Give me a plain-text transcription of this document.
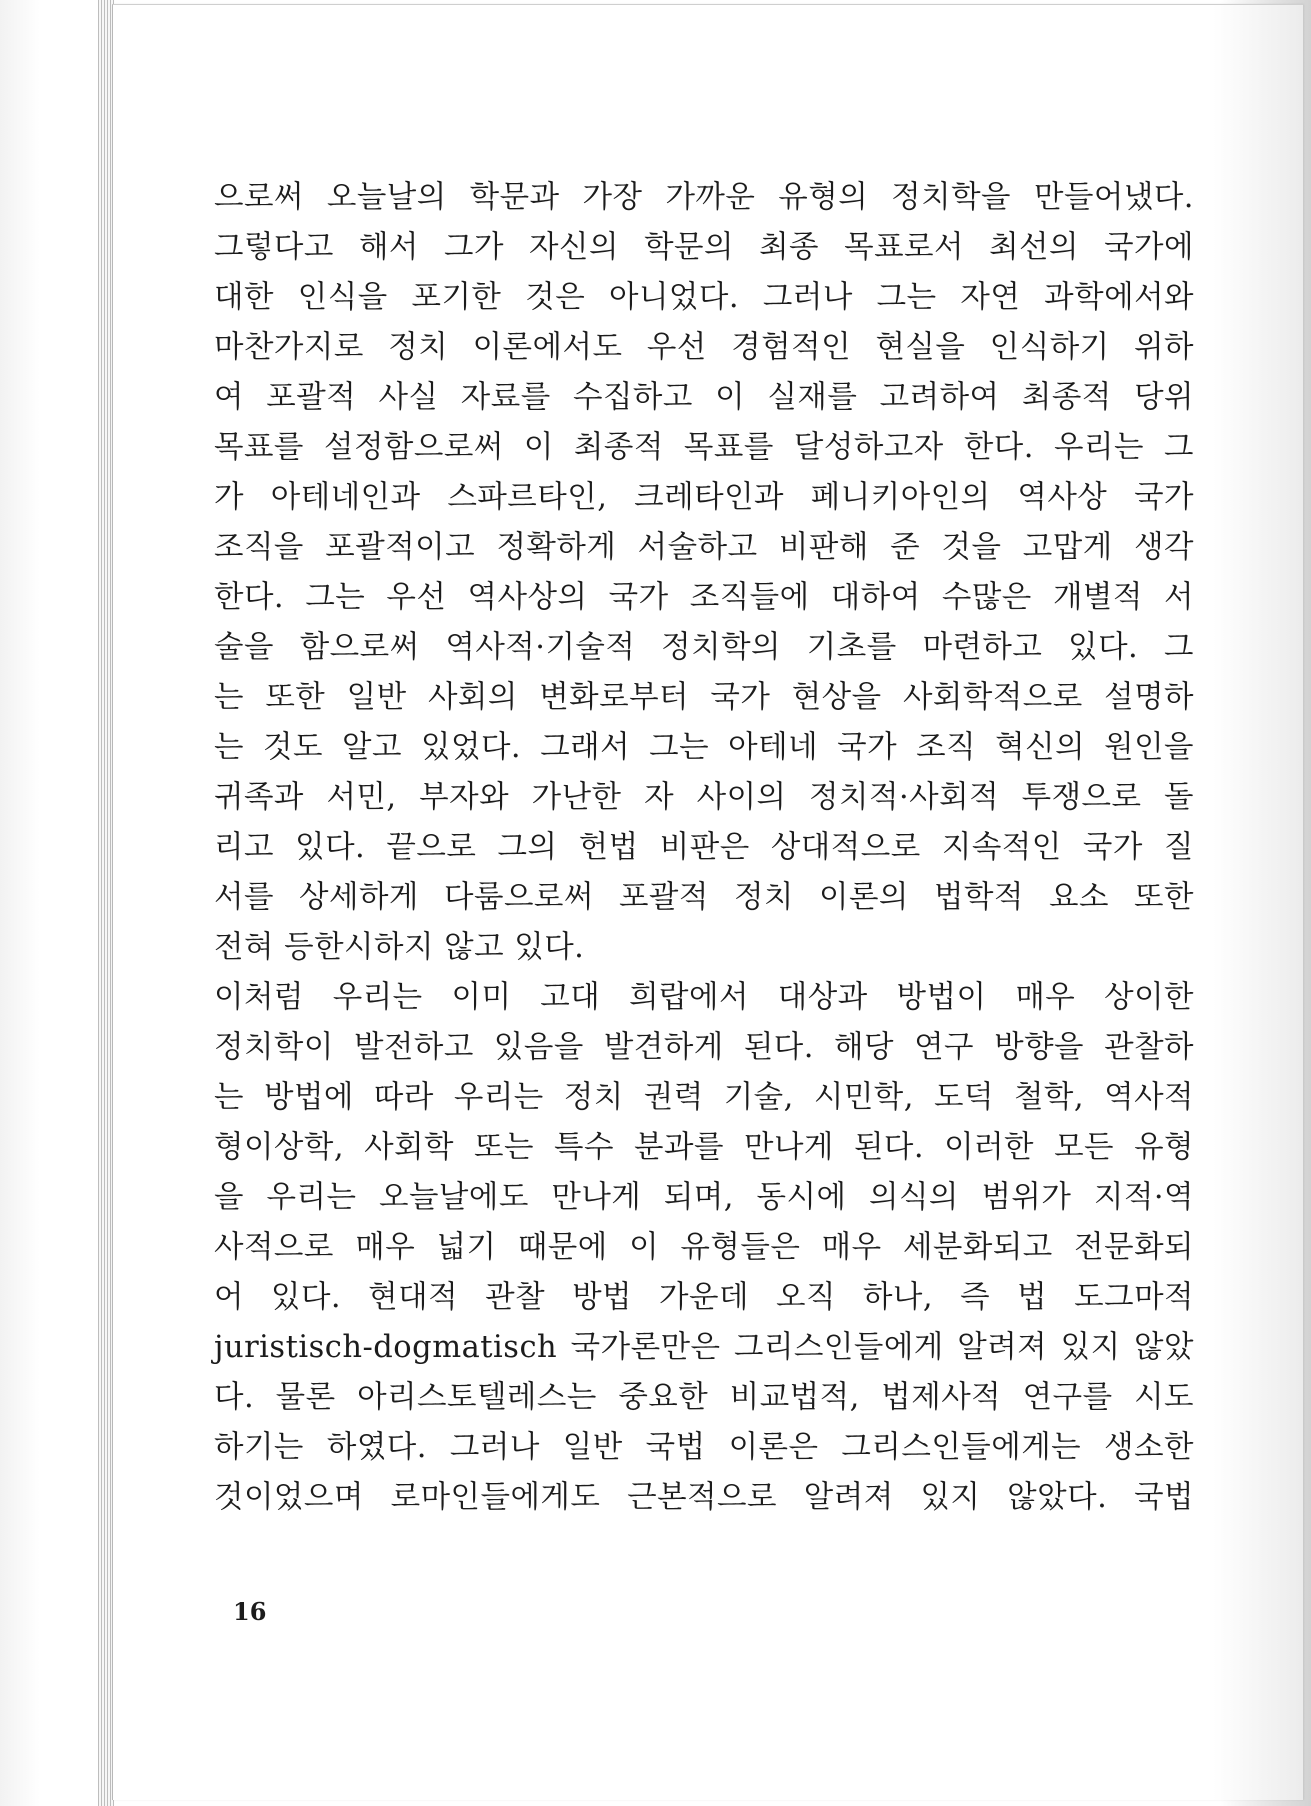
으로써 오늘날의 학문과 가장 가까운 유형의 정치학을 만들어냈다.
그렇다고 해서 그가 자신의 학문의 최종 목표로서 최선의 국가에
대한 인식을 포기한 것은 아니었다. 그러나 그는 자연 과학에서와
마찬가지로 정치 이론에서도 우선 경험적인 현실을 인식하기 위하
여 포괄적 사실 자료를 수집하고 이 실재를 고려하여 최종적 당위
목표를 설정함으로써 이 최종적 목표를 달성하고자 한다. 우리는 그
가 아테네인과 스파르타인, 크레타인과 페니키아인의 역사상 국가
조직을 포괄적이고 정확하게 서술하고 비판해 준 것을 고맙게 생각
한다. 그는 우선 역사상의 국가 조직들에 대하여 수많은 개별적 서
술을 함으로써 역사적·기술적 정치학의 기초를 마련하고 있다. 그
는 또한 일반 사회의 변화로부터 국가 현상을 사회학적으로 설명하
는 것도 알고 있었다. 그래서 그는 아테네 국가 조직 혁신의 원인을
귀족과 서민, 부자와 가난한 자 사이의 정치적·사회적 투쟁으로 돌
리고 있다. 끝으로 그의 헌법 비판은 상대적으로 지속적인 국가 질
서를 상세하게 다룸으로써 포괄적 정치 이론의 법학적 요소 또한
전혀 등한시하지 않고 있다.
이처럼 우리는 이미 고대 희랍에서 대상과 방법이 매우 상이한
정치학이 발전하고 있음을 발견하게 된다. 해당 연구 방향을 관찰하
는 방법에 따라 우리는 정치 권력 기술, 시민학, 도덕 철학, 역사적
형이상학, 사회학 또는 특수 분과를 만나게 된다. 이러한 모든 유형
을 우리는 오늘날에도 만나게 되며, 동시에 의식의 범위가 지적·역
사적으로 매우 넓기 때문에 이 유형들은 매우 세분화되고 전문화되
어 있다. 현대적 관찰 방법 가운데 오직 하나, 즉 법 도그마적
juristisch-dogmatisch 국가론만은 그리스인들에게 알려져 있지 않았
다. 물론 아리스토텔레스는 중요한 비교법적, 법제사적 연구를 시도
하기는 하였다. 그러나 일반 국법 이론은 그리스인들에게는 생소한
것이었으며 로마인들에게도 근본적으로 알려져 있지 않았다. 국법
16
